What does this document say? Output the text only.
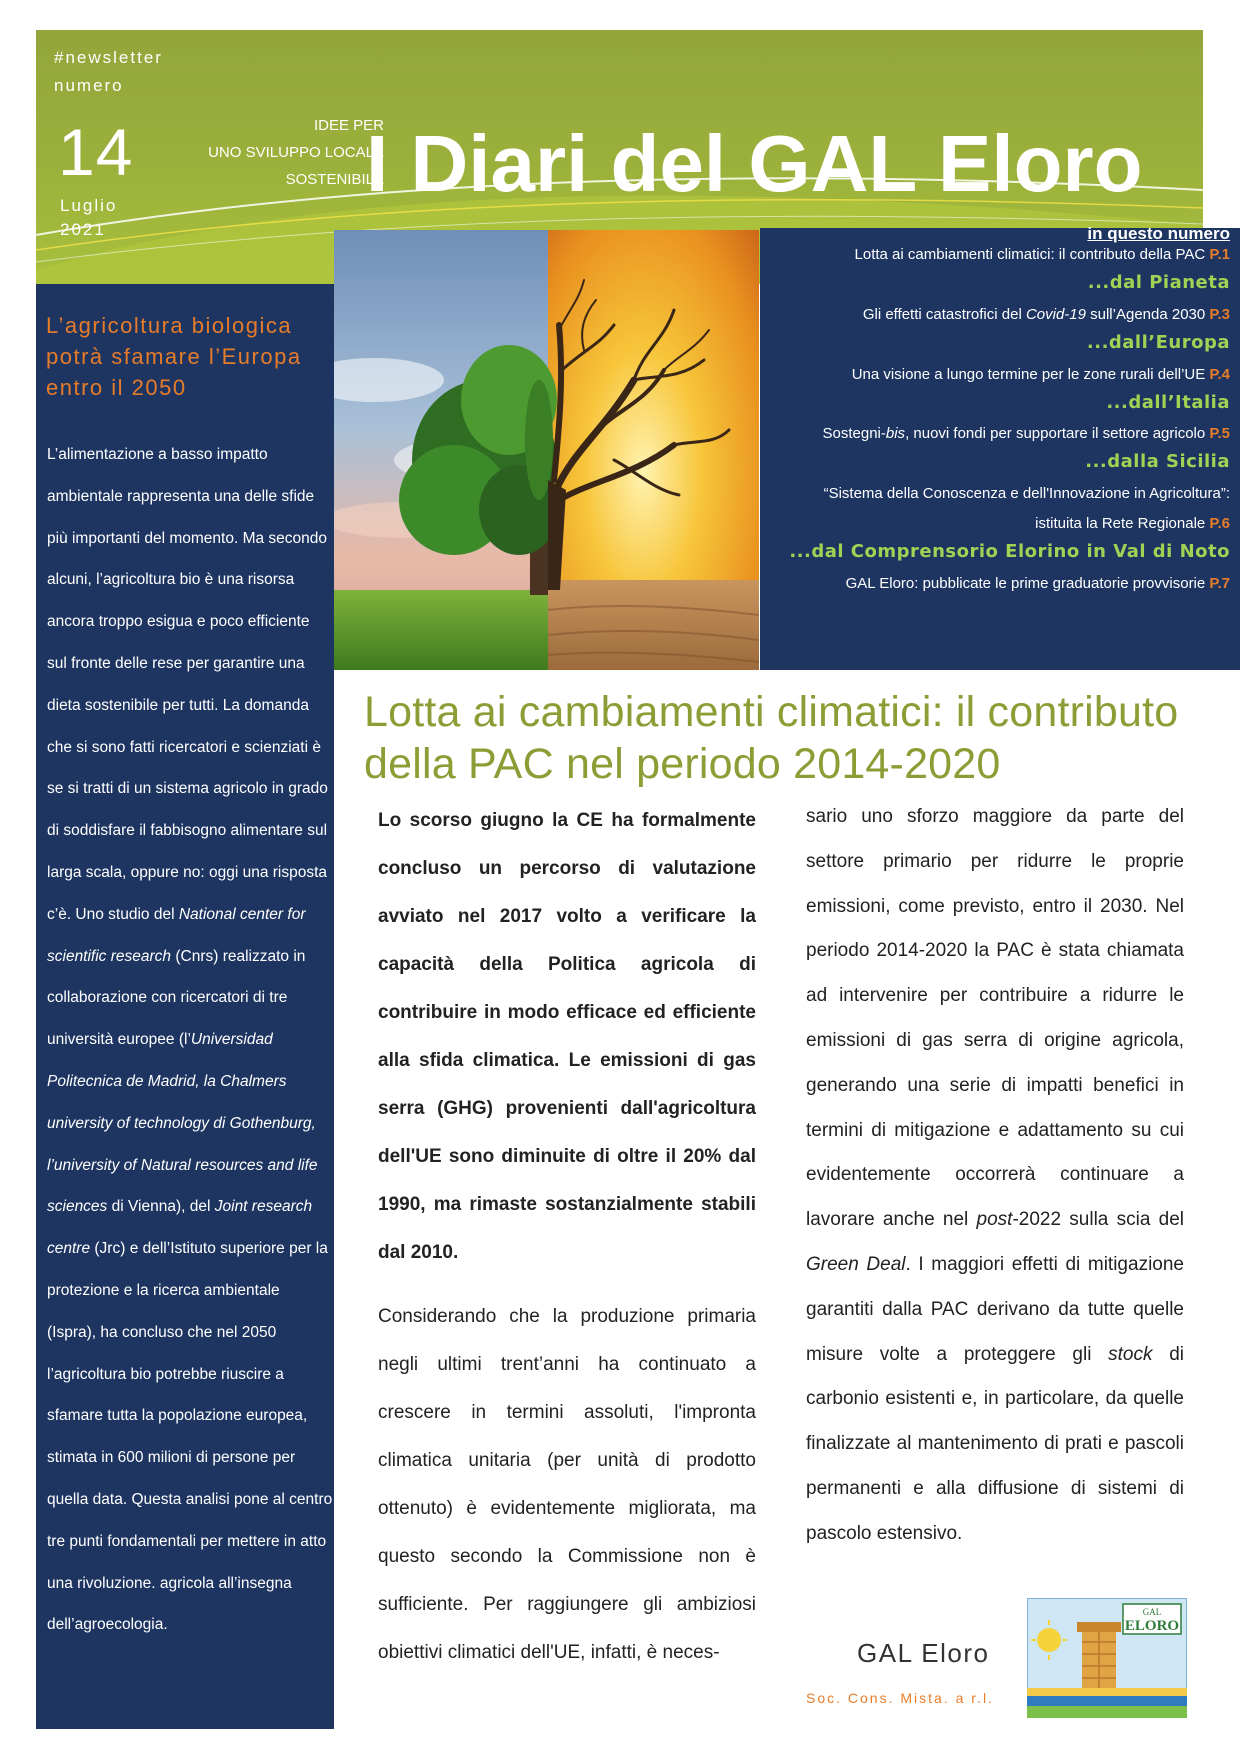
#newsletter
numero
14
Luglio
2021
IDEE PER
UNO SVILUPPO LOCALE
SOSTENIBILE
I Diari del GAL Eloro
L’agricoltura biologica potrà sfamare l’Europa entro il 2050
L’alimentazione a basso impatto ambientale rappresenta una delle sfide più importanti del momento. Ma secondo alcuni, l’agricoltura bio è una risorsa ancora troppo esigua e poco efficiente sul fronte delle rese per garantire una dieta sostenibile per tutti. La domanda che si sono fatti ricercatori e scienziati è se si tratti di un sistema agricolo in grado di soddisfare il fabbisogno alimentare sul larga scala, oppure no: oggi una risposta c’è. Uno studio del National center for scientific research (Cnrs) realizzato in collaborazione con ricercatori di tre università europee (l’Universidad Politecnica de Madrid, la Chalmers university of technology di Gothenburg, l’university of Natural resources and life sciences di Vienna), del Joint research centre (Jrc) e dell’Istituto superiore per la protezione e la ricerca ambientale (Ispra), ha concluso che nel 2050 l’agricoltura bio potrebbe riuscire a sfamare tutta la popolazione europea, stimata in 600 milioni di persone per quella data. Questa analisi pone al centro tre punti fondamentali per mettere in atto una rivoluzione. agricola all’insegna dell’agroecologia.
in questo numero
Lotta ai cambiamenti climatici: il contributo della PAC P.1
...dal Pianeta
Gli effetti catastrofici del Covid-19 sull’Agenda 2030 P.3
...dall’Europa
Una visione a lungo termine per le zone rurali dell’UE P.4
...dall’Italia
Sostegni-bis, nuovi fondi per supportare il settore agricolo P.5
...dalla Sicilia
“Sistema della Conoscenza e dell'Innovazione in Agricoltura”:
istituita la Rete Regionale P.6
...dal Comprensorio Elorino in Val di Noto
GAL Eloro: pubblicate le prime graduatorie provvisorie P.7
Lotta ai cambiamenti climatici: il contributo della PAC nel periodo 2014-2020
Lo scorso giugno la CE ha formalmente concluso un percorso di valutazione avviato nel 2017 volto a verificare la capacità della Politica agricola di contribuire in modo efficace ed efficiente alla sfida climatica. Le emissioni di gas serra (GHG) provenienti dall'agricoltura dell'UE sono diminuite di oltre il 20% dal 1990, ma rimaste sostanzialmente stabili dal 2010.
Considerando che la produzione primaria negli ultimi trent’anni ha continuato a crescere in termini assoluti, l'impronta climatica unitaria (per unità di prodotto ottenuto) è evidentemente migliorata, ma questo secondo la Commissione non è sufficiente. Per raggiungere gli ambiziosi obiettivi climatici dell'UE, infatti, è neces-
sario uno sforzo maggiore da parte del settore primario per ridurre le proprie emissioni, come previsto, entro il 2030. Nel periodo 2014-2020 la PAC è stata chiamata ad intervenire per contribuire a ridurre le emissioni di gas serra di origine agricola, generando una serie di impatti benefici in termini di mitigazione e adattamento su cui evidentemente occorrerà continuare a lavorare anche nel post-2022 sulla scia del Green Deal. I maggiori effetti di mitigazione garantiti dalla PAC derivano da tutte quelle misure volte a proteggere gli stock di carbonio esistenti e, in particolare, da quelle finalizzate al mantenimento di prati e pascoli permanenti e alla diffusione di sistemi di pascolo estensivo.
GAL Eloro
Soc. Cons. Mista. a r.l.
GAL
ELORO
